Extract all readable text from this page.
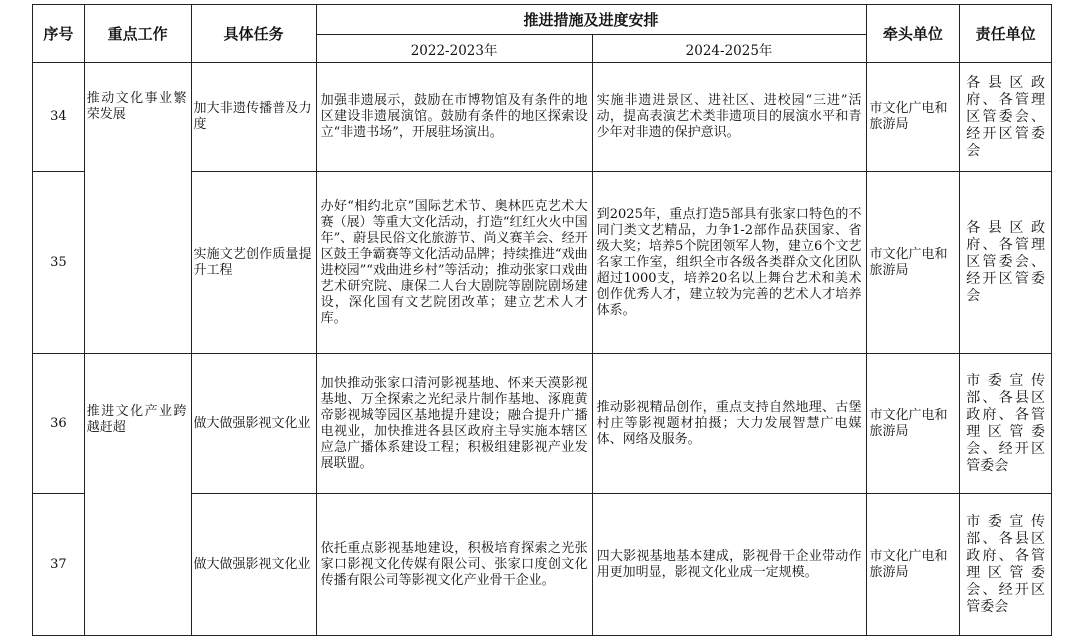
序号	重点工作	具体任务	推进措施及进度安排		牵头单位	责任单位
			2022-2023年	2024-2025年		
34	推动文化事业繁荣发展	加大非遗传播普及力度	加强非遗展示，鼓励在市博物馆及有条件的地区建设非遗展演馆。鼓励有条件的地区探索设立“非遗书场”，开展驻场演出。	实施非遗进景区、进社区、进校园“三进”活动，提高表演艺术类非遗项目的展演水平和青少年对非遗的保护意识。	市文化广电和旅游局	各县区政府、各管理区管委会、经开区管委会
35		实施文艺创作质量提升工程	办好“相约北京”国际艺术节、奥林匹克艺术大赛（展）等重大文化活动，打造“红红火火中国年”、蔚县民俗文化旅游节、尚义赛羊会、经开区鼓王争霸赛等文化活动品牌；持续推进“戏曲进校园”“戏曲进乡村”等活动；推动张家口戏曲艺术研究院、康保二人台大剧院等剧院剧场建设，深化国有文艺院团改革；建立艺术人才库。	到2025年，重点打造5部具有张家口特色的不同门类文艺精品，力争1-2部作品获国家、省级大奖；培养5个院团领军人物，建立6个文艺名家工作室，组织全市各级各类群众文化团队超过1000支，培养20名以上舞台艺术和美术创作优秀人才，建立较为完善的艺术人才培养体系。	市文化广电和旅游局	各县区政府、各管理区管委会、经开区管委会
36	推进文化产业跨越赶超	做大做强影视文化业	加快推动张家口清河影视基地、怀来天漠影视基地、万全探索之光纪录片制作基地、涿鹿黄帝影视城等园区基地提升建设；融合提升广播电视业，加快推进各县区政府主导实施本辖区应急广播体系建设工程；积极组建影视产业发展联盟。	推动影视精品创作，重点支持自然地理、古堡村庄等影视题材拍摄；大力发展智慧广电媒体、网络及服务。	市文化广电和旅游局	市委宣传部、各县区政府、各管理区管委会、经开区管委会
37		做大做强影视文化业	依托重点影视基地建设，积极培育探索之光张家口影视文化传媒有限公司、张家口度创文化传播有限公司等影视文化产业骨干企业。	四大影视基地基本建成，影视骨干企业带动作用更加明显，影视文化业成一定规模。	市文化广电和旅游局	市委宣传部、各县区政府、各管理区管委会、经开区管委会
